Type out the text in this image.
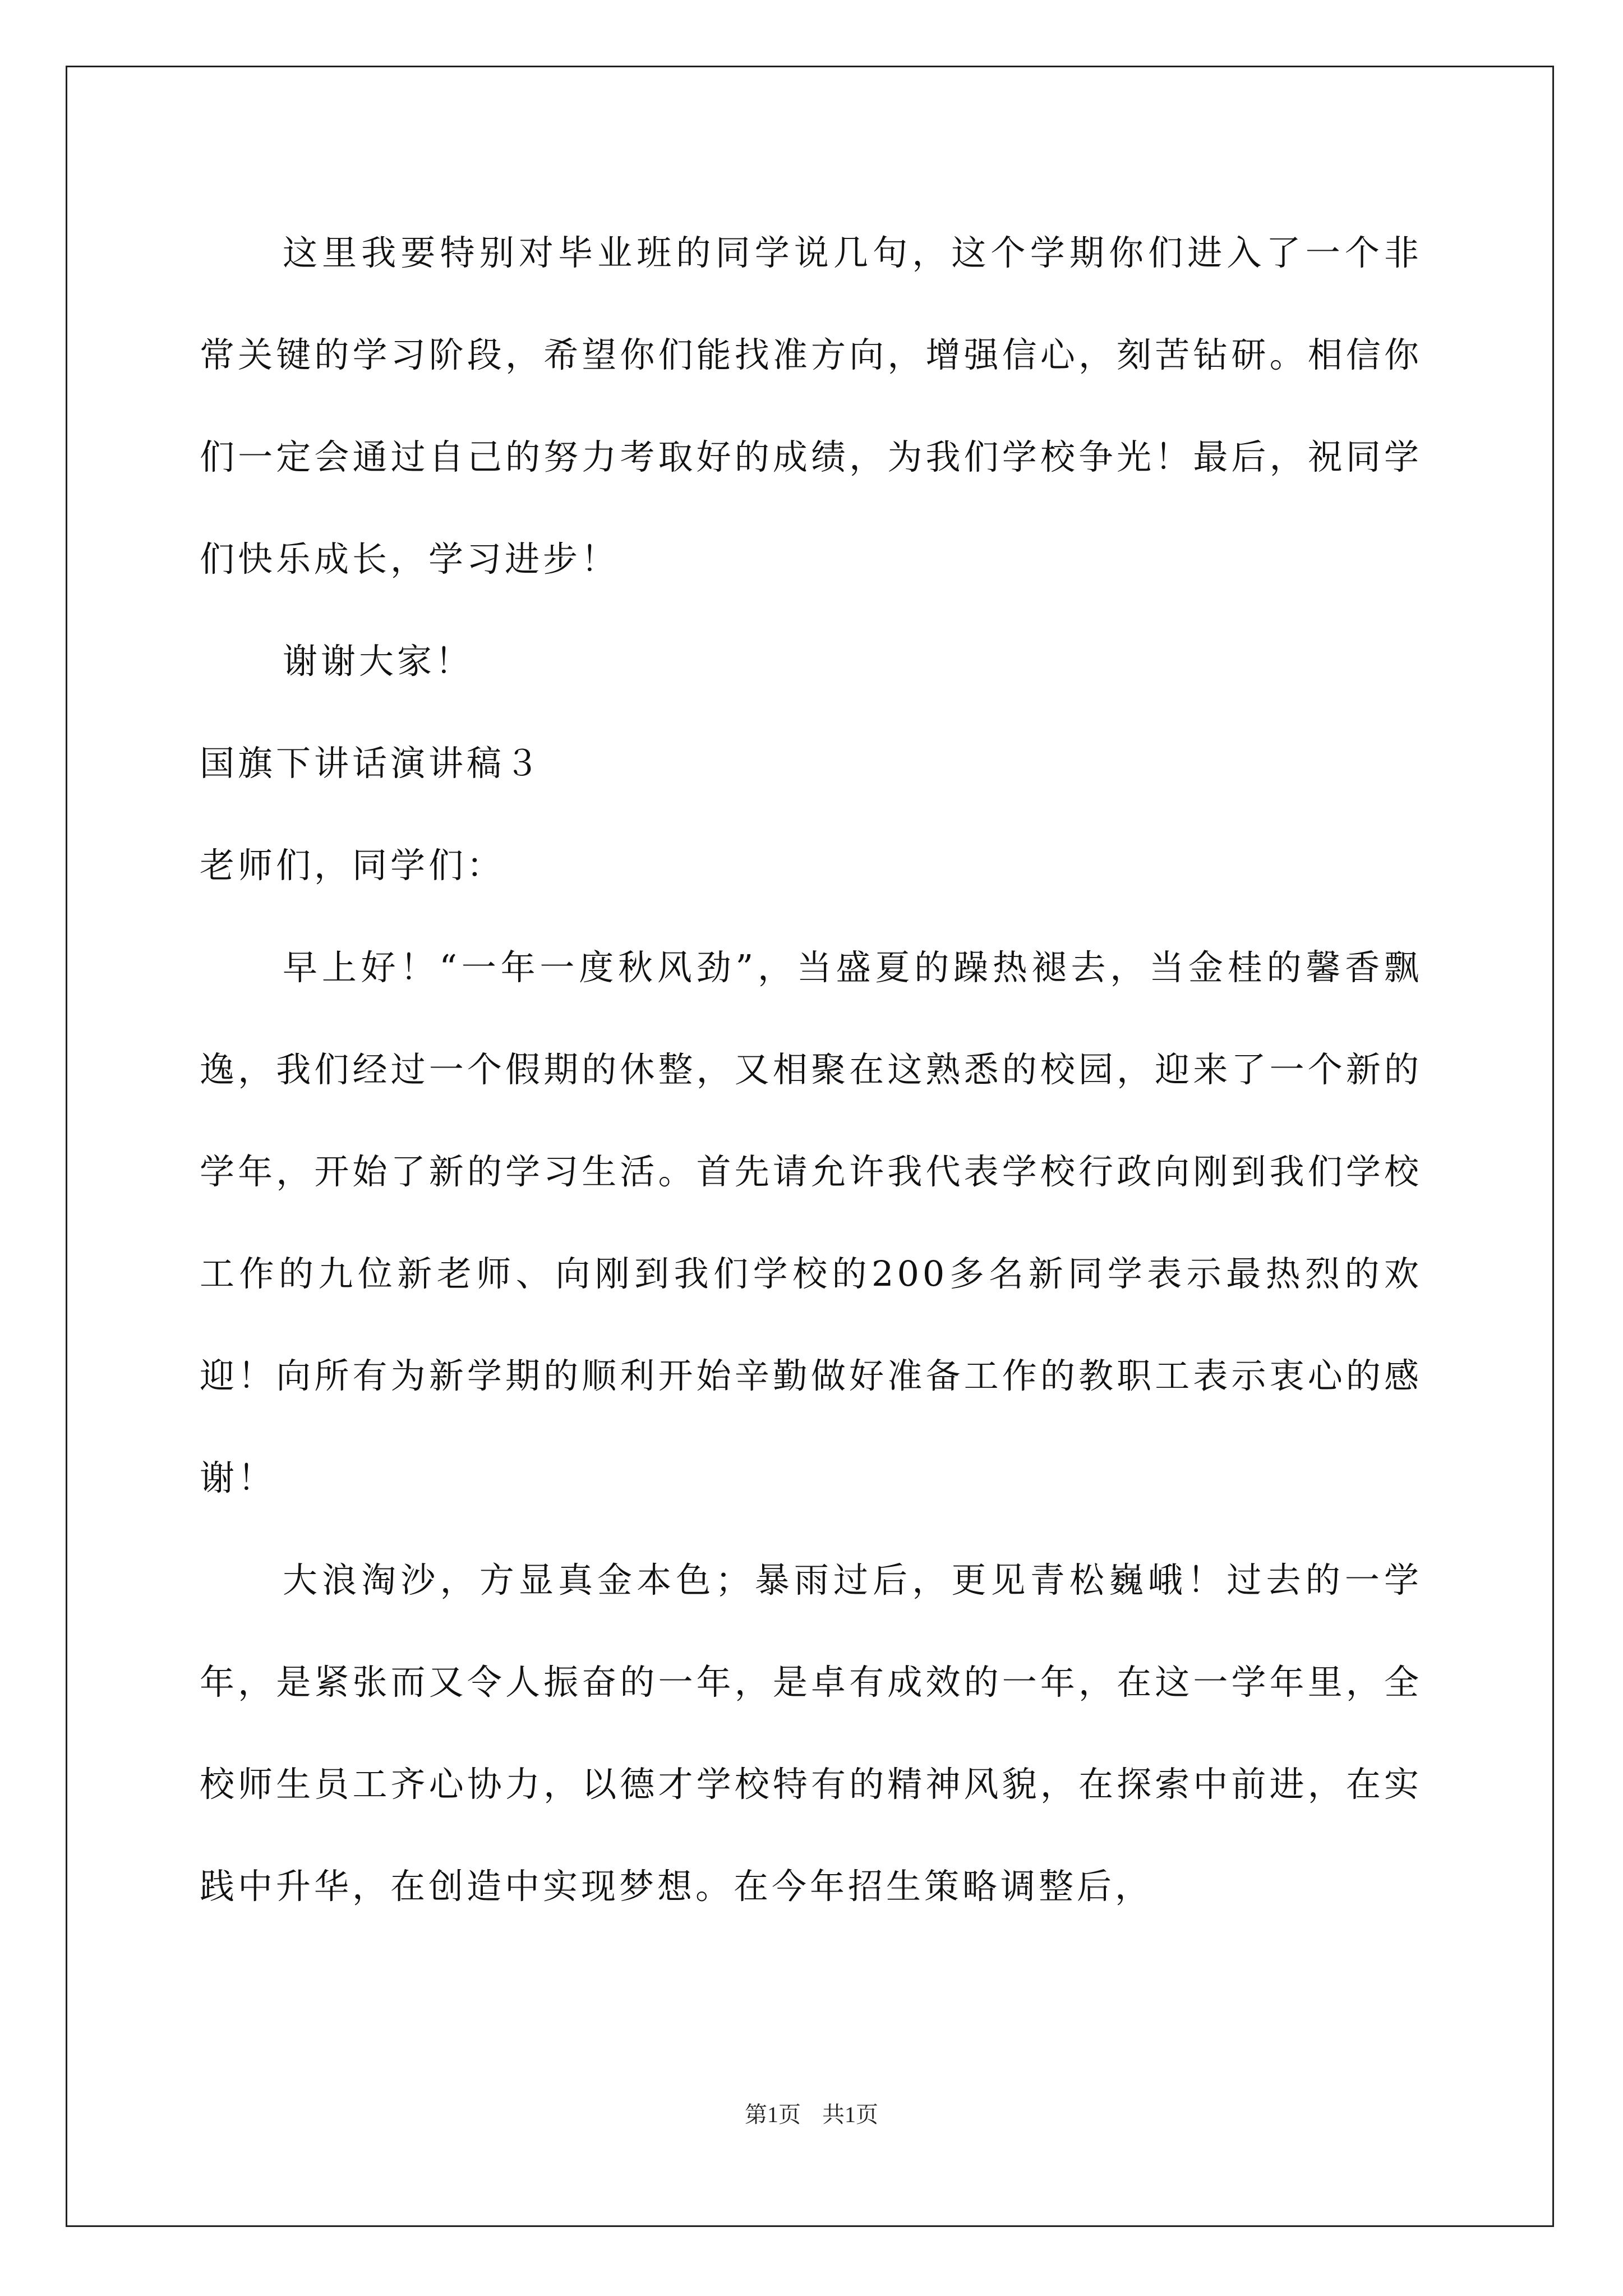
这里我要特别对毕业班的同学说几句，这个学期你们进入了一个非常关键的学习阶段，希望你们能找准方向，增强信心，刻苦钻研。相信你们一定会通过自己的努力考取好的成绩，为我们学校争光！最后，祝同学们快乐成长，学习进步！

谢谢大家！

国旗下讲话演讲稿３

老师们，同学们：

早上好！“一年一度秋风劲”，当盛夏的躁热褪去，当金桂的馨香飘逸，我们经过一个假期的休整，又相聚在这熟悉的校园，迎来了一个新的学年，开始了新的学习生活。首先请允许我代表学校行政向刚到我们学校工作的九位新老师、向刚到我们学校的200多名新同学表示最热烈的欢迎！向所有为新学期的顺利开始辛勤做好准备工作的教职工表示衷心的感谢！

大浪淘沙，方显真金本色；暴雨过后，更见青松巍峨！过去的一学年，是紧张而又令人振奋的一年，是卓有成效的一年，在这一学年里，全校师生员工齐心协力，以德才学校特有的精神风貌，在探索中前进，在实践中升华，在创造中实现梦想。在今年招生策略调整后，

第1页 共1页
